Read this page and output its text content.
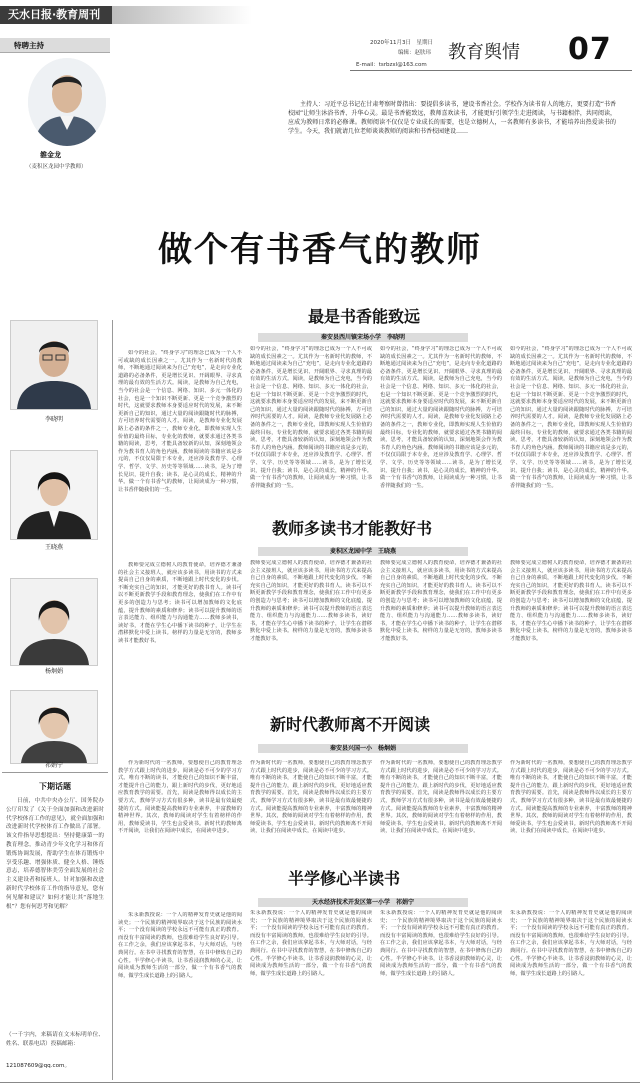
天水日报·教育周刊
2020年11月3日　星期日
编辑：赵肤玮
E-mail：tsrbzxl@163.com
教育舆情 07
特聘主持
雒金龙
（麦积区龙园中学教师）
主持人：习近平总书记在甘肃考察时曾指出：要提倡多读书，建设书香社会。学校作为读书育人的地方，更要打造“书香校园”让师生沐浴书香、升华心灵。最是书香能致远，教师喜欢读书，才能更好引领学生走进阅读，与书籍相伴，共同阅读，应成为教师日常的必修课。教师阅读不仅仅是专业成长的需要，也是立德树人，一名教师有多读书，才能培养出热爱读书的学生。今天，我们就请几位老师谈谈教师的阅读和书香校园建设……
做个有书香气的教师
李晓明
王晓燕
杨炯娟
祁娟宁
下期话题
日前，中共中央办公厅、国务院办公厅印发了《关于全面加强和改进新时代学校体育工作的意见》，就全面加强和改进新时代学校体育工作做出了部署。该文件指导思想提出：坚持健康第一的教育理念，推动青少年文化学习和体育锻炼协调发展，帮助学生在体育锻炼中享受乐趣、增强体质、健全人格、锤炼意志，培养德智体美劳全面发展的社会主义建设者和接班人。针对加强和改进新时代学校体育工作的指导意见，您有何见解和建议？如何才能让其“落地生根”？您有何思考和见解？
（一千字内，来稿请在文末标明单位、姓名、联系电话）投稿邮箱：
121087609@qq.com。
最是书香能致远
秦安县西川镇宋场小学　李晓明
如今的社会，“终身学习”的理念已成为一个人不可或缺的成长因素之一。尤其作为一名新时代的教师，不断地通过阅读来为自己“充电”，是走向专业化道路的必备条件，更是增长见识、开阔眼界、寻求真理的最有效的生活方式。阅读，是教师为自己充电，当今的社会是一个信息、网络、知识、多元一体化的社会，也是一个知识不断更新、更是一个竞争激烈的时代，这就要求教师本身要适应时代的发展，来不断更新自己的知识，通过大量的阅读跟随时代的脉搏，方可培养时代需要的人才。阅读，是教师专业化发展路上必备的条件之一，教师专业化，即教师实现人生价值的最终目标，专业化的教师，就要求通过各类书籍的阅读，思考，才能具备较新的认知，深刻地领会作为教书育人的角色内涵。教师阅读的书籍应该是多元的，不仅仅局限于本专业，还应涉及教育学、心理学、哲学、文学、历史等等领域……读书，是为了增长见识，提升自我；读书，是心灵的成长，精神的升华。做一个有书香气的教师，让阅读成为一种习惯，让书香伴随我们的一生。
如今的社会，“终身学习”的理念已成为一个人不可或缺的成长因素之一。尤其作为一名新时代的教师，不断地通过阅读来为自己“充电”，是走向专业化道路的必备条件，更是增长见识、开阔眼界、寻求真理的最有效的生活方式。阅读，是教师为自己充电，当今的社会是一个信息、网络、知识、多元一体化的社会，也是一个知识不断更新、更是一个竞争激烈的时代，这就要求教师本身要适应时代的发展，来不断更新自己的知识，通过大量的阅读跟随时代的脉搏，方可培养时代需要的人才。阅读，是教师专业化发展路上必备的条件之一，教师专业化，即教师实现人生价值的最终目标，专业化的教师，就要求通过各类书籍的阅读，思考，才能具备较新的认知，深刻地领会作为教书育人的角色内涵。教师阅读的书籍应该是多元的，不仅仅局限于本专业，还应涉及教育学、心理学、哲学、文学、历史等等领域……读书，是为了增长见识，提升自我；读书，是心灵的成长，精神的升华。做一个有书香气的教师，让阅读成为一种习惯，让书香伴随我们的一生。
如今的社会，“终身学习”的理念已成为一个人不可或缺的成长因素之一。尤其作为一名新时代的教师，不断地通过阅读来为自己“充电”，是走向专业化道路的必备条件，更是增长见识、开阔眼界、寻求真理的最有效的生活方式。阅读，是教师为自己充电，当今的社会是一个信息、网络、知识、多元一体化的社会，也是一个知识不断更新、更是一个竞争激烈的时代，这就要求教师本身要适应时代的发展，来不断更新自己的知识，通过大量的阅读跟随时代的脉搏，方可培养时代需要的人才。阅读，是教师专业化发展路上必备的条件之一，教师专业化，即教师实现人生价值的最终目标，专业化的教师，就要求通过各类书籍的阅读，思考，才能具备较新的认知，深刻地领会作为教书育人的角色内涵。教师阅读的书籍应该是多元的，不仅仅局限于本专业，还应涉及教育学、心理学、哲学、文学、历史等等领域……读书，是为了增长见识，提升自我；读书，是心灵的成长，精神的升华。做一个有书香气的教师，让阅读成为一种习惯，让书香伴随我们的一生。
如今的社会，“终身学习”的理念已成为一个人不可或缺的成长因素之一。尤其作为一名新时代的教师，不断地通过阅读来为自己“充电”，是走向专业化道路的必备条件，更是增长见识、开阔眼界、寻求真理的最有效的生活方式。阅读，是教师为自己充电，当今的社会是一个信息、网络、知识、多元一体化的社会，也是一个知识不断更新、更是一个竞争激烈的时代，这就要求教师本身要适应时代的发展，来不断更新自己的知识，通过大量的阅读跟随时代的脉搏，方可培养时代需要的人才。阅读，是教师专业化发展路上必备的条件之一，教师专业化，即教师实现人生价值的最终目标，专业化的教师，就要求通过各类书籍的阅读，思考，才能具备较新的认知，深刻地领会作为教书育人的角色内涵。教师阅读的书籍应该是多元的，不仅仅局限于本专业，还应涉及教育学、心理学、哲学、文学、历史等等领域……读书，是为了增长见识，提升自我；读书，是心灵的成长，精神的升华。做一个有书香气的教师，让阅读成为一种习惯，让书香伴随我们的一生。
教师多读书才能教好书
麦积区龙园中学　王晓燕
教师要完成立德树人的教育使命，培养德才兼备的社会主义接班人，就应该多读书，用读书的方式来提高自己自身的素质，不断地跟上时代变化的步伐。不断充实自己的知识，才能更好的教书育人。读书可以不断更新教学手段和教育理念，使我们在工作中有更多的创造力与思考；读书可以增加教师的文化底蕴，提升教师的素质和修养；读书可以提升教师的语言表达能力、组织能力与沟通能力……教师多读书，读好书，才能在学生心中播下读书的种子，让学生在潜移默化中爱上读书。榜样的力量是无穷的，教师多读书才能教好书。
教师要完成立德树人的教育使命，培养德才兼备的社会主义接班人，就应该多读书，用读书的方式来提高自己自身的素质，不断地跟上时代变化的步伐。不断充实自己的知识，才能更好的教书育人。读书可以不断更新教学手段和教育理念，使我们在工作中有更多的创造力与思考；读书可以增加教师的文化底蕴，提升教师的素质和修养；读书可以提升教师的语言表达能力、组织能力与沟通能力……教师多读书，读好书，才能在学生心中播下读书的种子，让学生在潜移默化中爱上读书。榜样的力量是无穷的，教师多读书才能教好书。
教师要完成立德树人的教育使命，培养德才兼备的社会主义接班人，就应该多读书，用读书的方式来提高自己自身的素质，不断地跟上时代变化的步伐。不断充实自己的知识，才能更好的教书育人。读书可以不断更新教学手段和教育理念，使我们在工作中有更多的创造力与思考；读书可以增加教师的文化底蕴，提升教师的素质和修养；读书可以提升教师的语言表达能力、组织能力与沟通能力……教师多读书，读好书，才能在学生心中播下读书的种子，让学生在潜移默化中爱上读书。榜样的力量是无穷的，教师多读书才能教好书。
教师要完成立德树人的教育使命，培养德才兼备的社会主义接班人，就应该多读书，用读书的方式来提高自己自身的素质，不断地跟上时代变化的步伐。不断充实自己的知识，才能更好的教书育人。读书可以不断更新教学手段和教育理念，使我们在工作中有更多的创造力与思考；读书可以增加教师的文化底蕴，提升教师的素质和修养；读书可以提升教师的语言表达能力、组织能力与沟通能力……教师多读书，读好书，才能在学生心中播下读书的种子，让学生在潜移默化中爱上读书。榜样的力量是无穷的，教师多读书才能教好书。
新时代教师离不开阅读
秦安县兴国一小　杨炯娟
作为新时代的一名教师，要想使自己的教育理念教学方式跟上时代的进步，阅读是必不可少的学习方式。唯有不断的读书，才能使自己的知识不断丰富，才能提升自己的能力，跟上新时代的步伐，更好地适应教育教学的需要。首先，阅读是教师得以成长的主要方式，教师学习方式有很多种，读书是最有效最便捷的方式。阅读能提高教师的专业素养，丰富教师的精神世界。其次，教师的阅读对学生有着榜样的作用，教师爱读书，学生也会爱读书。新时代的教师离不开阅读，让我们在阅读中成长，在阅读中进步。
作为新时代的一名教师，要想使自己的教育理念教学方式跟上时代的进步，阅读是必不可少的学习方式。唯有不断的读书，才能使自己的知识不断丰富，才能提升自己的能力，跟上新时代的步伐，更好地适应教育教学的需要。首先，阅读是教师得以成长的主要方式，教师学习方式有很多种，读书是最有效最便捷的方式。阅读能提高教师的专业素养，丰富教师的精神世界。其次，教师的阅读对学生有着榜样的作用，教师爱读书，学生也会爱读书。新时代的教师离不开阅读，让我们在阅读中成长，在阅读中进步。
作为新时代的一名教师，要想使自己的教育理念教学方式跟上时代的进步，阅读是必不可少的学习方式。唯有不断的读书，才能使自己的知识不断丰富，才能提升自己的能力，跟上新时代的步伐，更好地适应教育教学的需要。首先，阅读是教师得以成长的主要方式，教师学习方式有很多种，读书是最有效最便捷的方式。阅读能提高教师的专业素养，丰富教师的精神世界。其次，教师的阅读对学生有着榜样的作用，教师爱读书，学生也会爱读书。新时代的教师离不开阅读，让我们在阅读中成长，在阅读中进步。
作为新时代的一名教师，要想使自己的教育理念教学方式跟上时代的进步，阅读是必不可少的学习方式。唯有不断的读书，才能使自己的知识不断丰富，才能提升自己的能力，跟上新时代的步伐，更好地适应教育教学的需要。首先，阅读是教师得以成长的主要方式，教师学习方式有很多种，读书是最有效最便捷的方式。阅读能提高教师的专业素养，丰富教师的精神世界。其次，教师的阅读对学生有着榜样的作用，教师爱读书，学生也会爱读书。新时代的教师离不开阅读，让我们在阅读中成长，在阅读中进步。
半学修心半读书
天水经济技术开发区第一小学　祁娟宁
朱永新教授说：一个人的精神发育史就是他的阅读史；一个民族的精神境界取决于这个民族的阅读水平；一个没有阅读的学校永远不可能有真正的教育。而没有丰富阅读的教师，也很难给学生良好的引导。在工作之余，我们应该拿起书本，与大师对话，与经典同行。在书中寻找教育的智慧，在书中修炼自己的心性。半学修心半读书，让书香浸润教师的心灵，让阅读成为教师生活的一部分，做一个有书香气的教师，做学生成长道路上的引路人。
朱永新教授说：一个人的精神发育史就是他的阅读史；一个民族的精神境界取决于这个民族的阅读水平；一个没有阅读的学校永远不可能有真正的教育。而没有丰富阅读的教师，也很难给学生良好的引导。在工作之余，我们应该拿起书本，与大师对话，与经典同行。在书中寻找教育的智慧，在书中修炼自己的心性。半学修心半读书，让书香浸润教师的心灵，让阅读成为教师生活的一部分，做一个有书香气的教师，做学生成长道路上的引路人。
朱永新教授说：一个人的精神发育史就是他的阅读史；一个民族的精神境界取决于这个民族的阅读水平；一个没有阅读的学校永远不可能有真正的教育。而没有丰富阅读的教师，也很难给学生良好的引导。在工作之余，我们应该拿起书本，与大师对话，与经典同行。在书中寻找教育的智慧，在书中修炼自己的心性。半学修心半读书，让书香浸润教师的心灵，让阅读成为教师生活的一部分，做一个有书香气的教师，做学生成长道路上的引路人。
朱永新教授说：一个人的精神发育史就是他的阅读史；一个民族的精神境界取决于这个民族的阅读水平；一个没有阅读的学校永远不可能有真正的教育。而没有丰富阅读的教师，也很难给学生良好的引导。在工作之余，我们应该拿起书本，与大师对话，与经典同行。在书中寻找教育的智慧，在书中修炼自己的心性。半学修心半读书，让书香浸润教师的心灵，让阅读成为教师生活的一部分，做一个有书香气的教师，做学生成长道路上的引路人。
